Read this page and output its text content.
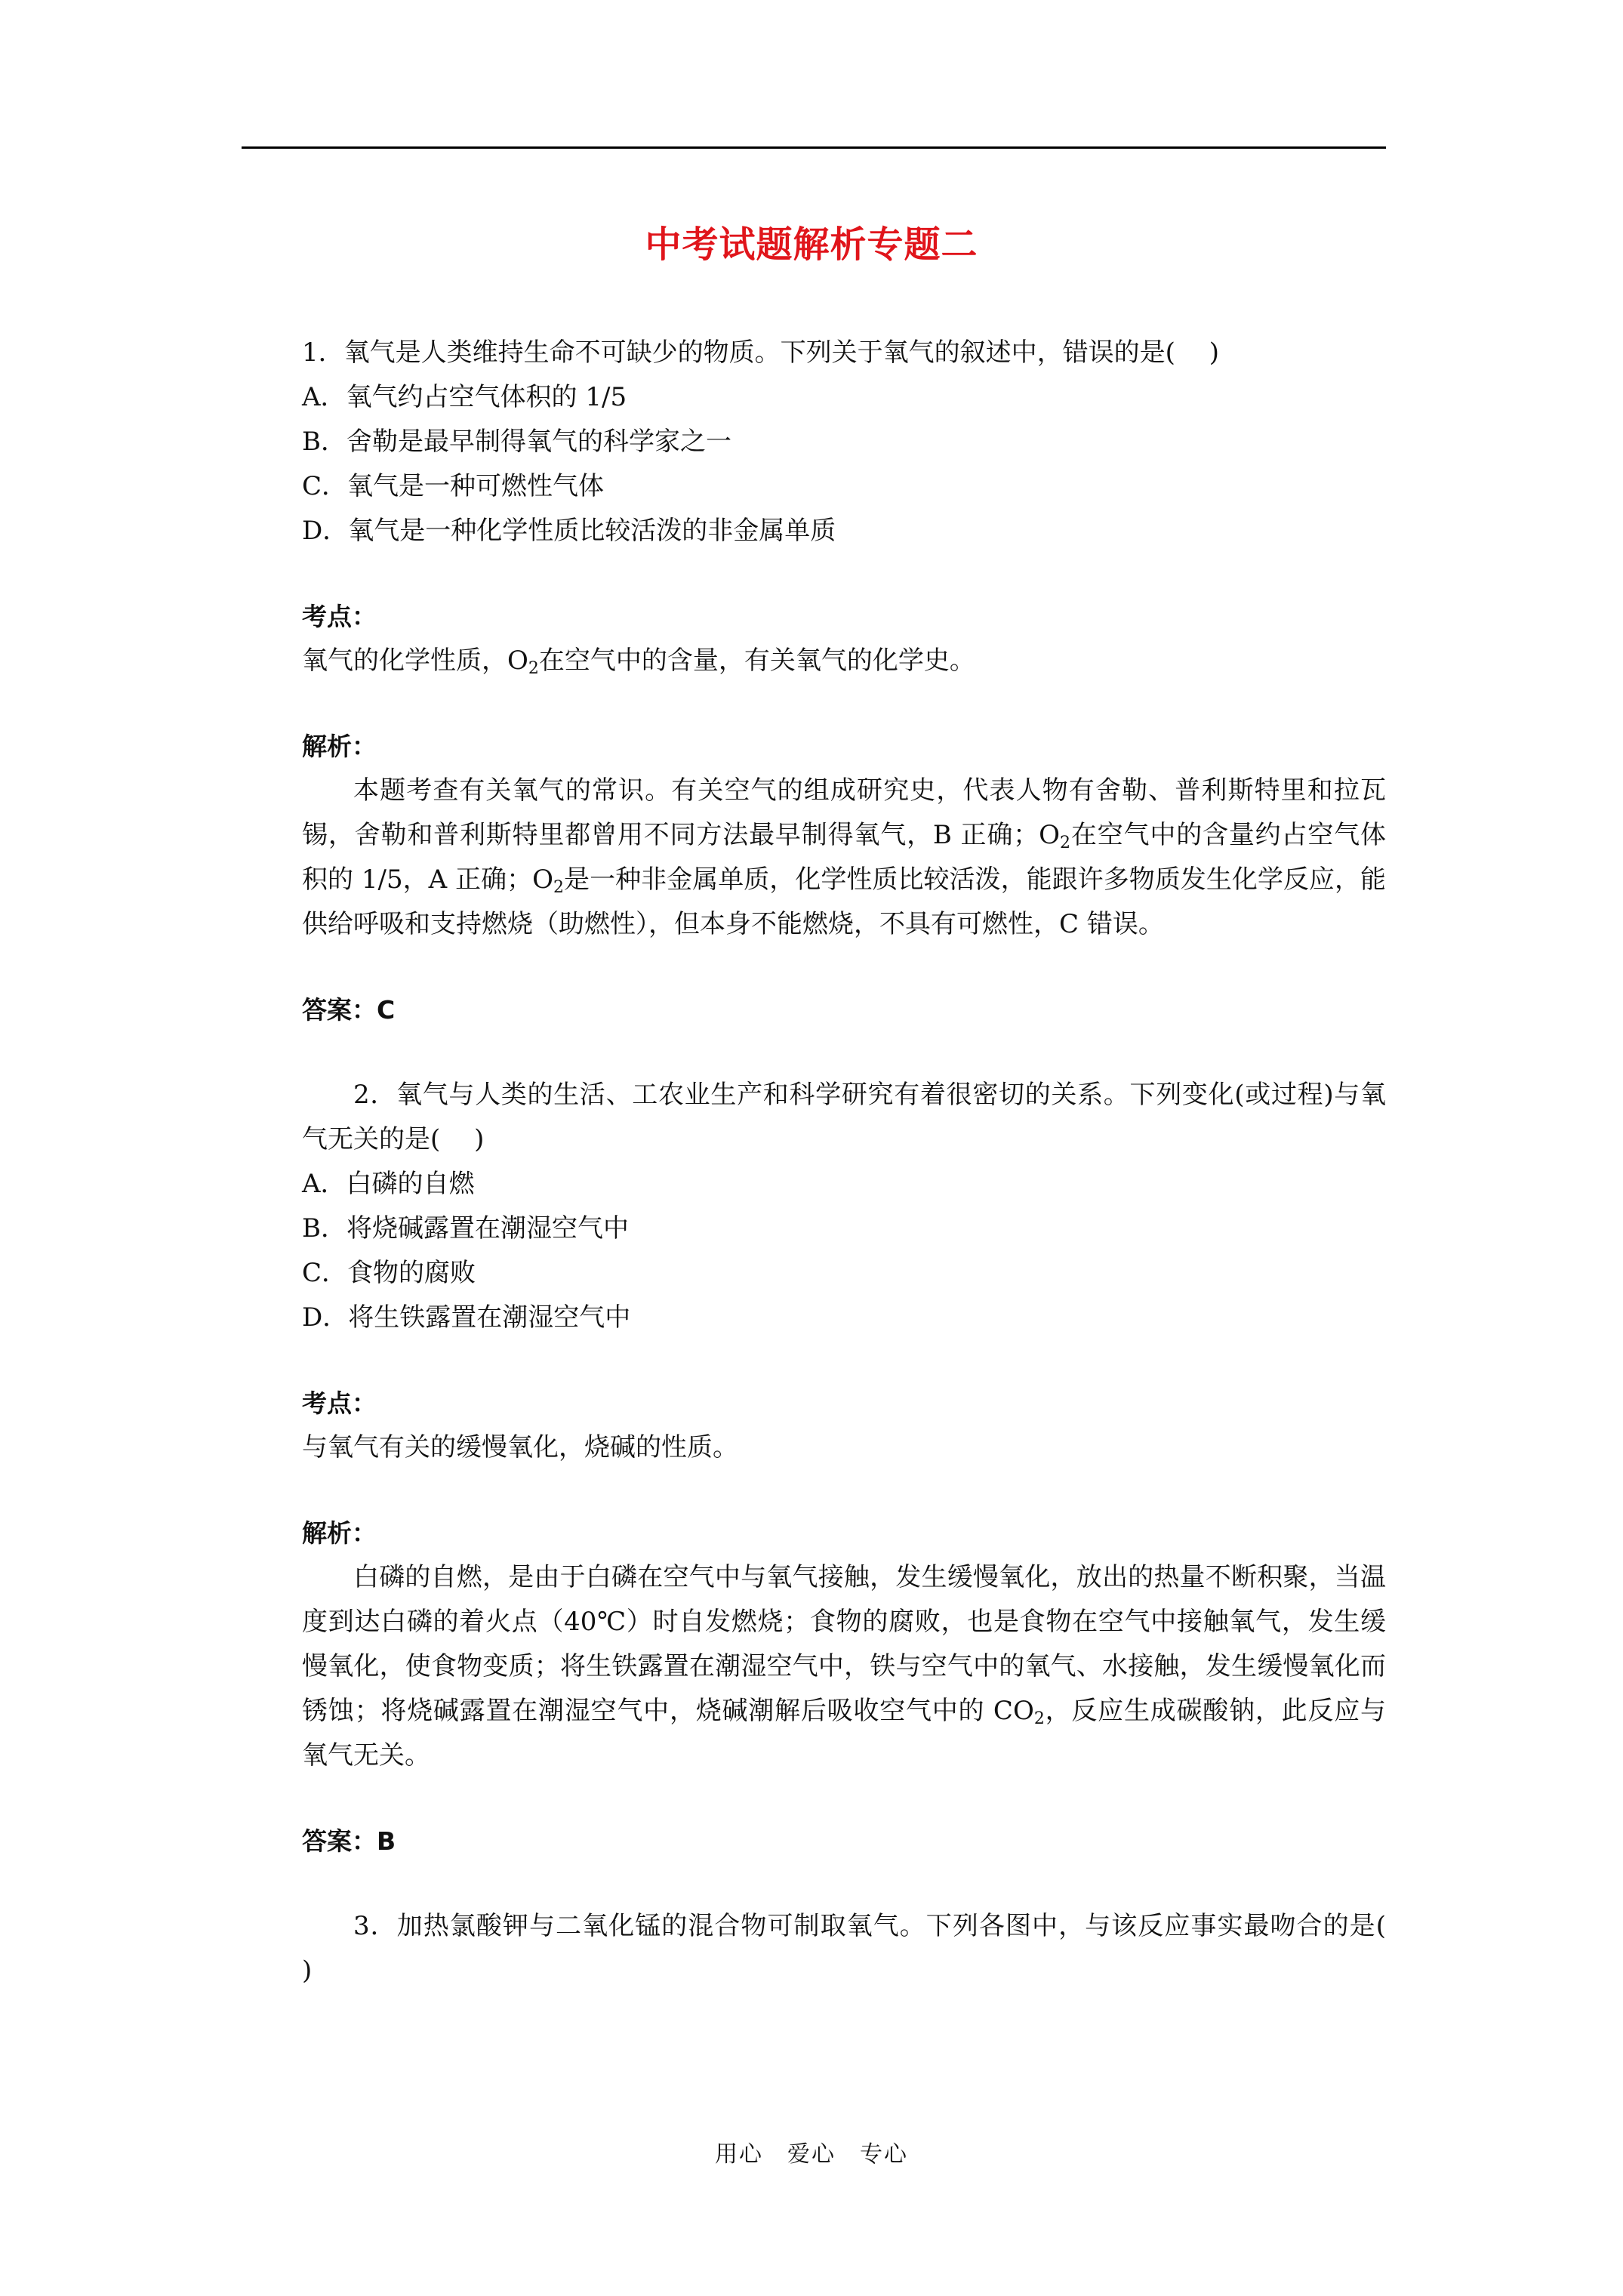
中考试题解析专题二
1．氧气是人类维持生命不可缺少的物质。下列关于氧气的叙述中，错误的是(　 )
A．氧气约占空气体积的 1/5
B．舍勒是最早制得氧气的科学家之一
C．氧气是一种可燃性气体
D．氧气是一种化学性质比较活泼的非金属单质
考点：
氧气的化学性质，$O_2$在空气中的含量，有关氧气的化学史。
解析：
本题考查有关氧气的常识。有关空气的组成研究史，代表人物有舍勒、普利斯特里和拉瓦锡，舍勒和普利斯特里都曾用不同方法最早制得氧气，B 正确；$O_2$在空气中的含量约占空气体积的 1/5，A 正确；$O_2$是一种非金属单质，化学性质比较活泼，能跟许多物质发生化学反应，能供给呼吸和支持燃烧（助燃性），但本身不能燃烧，不具有可燃性，C 错误。
答案：C
2．氧气与人类的生活、工农业生产和科学研究有着很密切的关系。下列变化(或过程)与氧气无关的是(　 )
A．白磷的自燃
B．将烧碱露置在潮湿空气中
C．食物的腐败
D．将生铁露置在潮湿空气中
考点：
与氧气有关的缓慢氧化，烧碱的性质。
解析：
白磷的自燃，是由于白磷在空气中与氧气接触，发生缓慢氧化，放出的热量不断积聚，当温度到达白磷的着火点（40℃）时自发燃烧；食物的腐败，也是食物在空气中接触氧气，发生缓慢氧化，使食物变质；将生铁露置在潮湿空气中，铁与空气中的氧气、水接触，发生缓慢氧化而锈蚀；将烧碱露置在潮湿空气中，烧碱潮解后吸收空气中的 $CO_2$，反应生成碳酸钠，此反应与氧气无关。
答案：B
3．加热氯酸钾与二氧化锰的混合物可制取氧气。下列各图中，与该反应事实最吻合的是(　 )
用心　爱心　专心
